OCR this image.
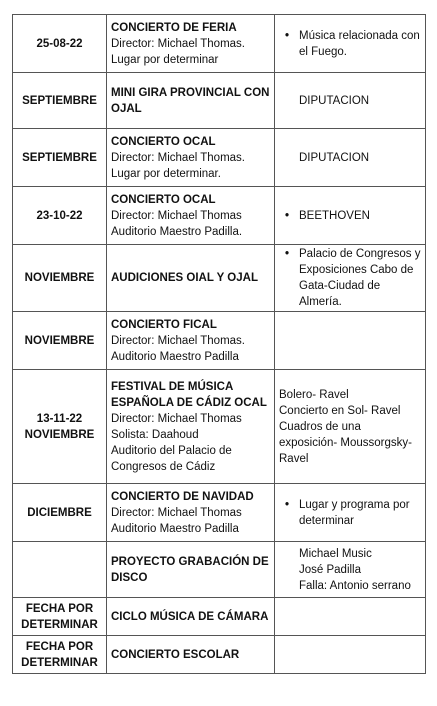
25-08-22	CONCIERTO DE FERIA
Director: Michael Thomas.
Lugar por determinar	• Música relacionada con el Fuego.

SEPTIEMBRE	MINI GIRA PROVINCIAL CON OJAL	DIPUTACION

SEPTIEMBRE	CONCIERTO OCAL
Director: Michael Thomas.
Lugar por determinar.	DIPUTACION

23-10-22	CONCIERTO OCAL
Director: Michael Thomas
Auditorio Maestro Padilla.	• BEETHOVEN

NOVIEMBRE	AUDICIONES OIAL Y OJAL	• Palacio de Congresos y Exposiciones Cabo de Gata-Ciudad de Almería.

NOVIEMBRE	CONCIERTO FICAL
Director: Michael Thomas.
Auditorio Maestro Padilla	

13-11-22
NOVIEMBRE	FESTIVAL DE MÚSICA ESPAÑOLA DE CÁDIZ OCAL
Director: Michael Thomas
Solista: Daahoud
Auditorio del Palacio de Congresos de Cádiz	Bolero- Ravel
Concierto en Sol- Ravel
Cuadros de una exposición- Moussorgsky-Ravel

DICIEMBRE	CONCIERTO DE NAVIDAD
Director: Michael Thomas
Auditorio Maestro Padilla	• Lugar y programa por determinar

	PROYECTO GRABACIÓN DE DISCO	Michael Music
José Padilla
Falla: Antonio serrano

FECHA POR
DETERMINAR	CICLO MÚSICA DE CÁMARA	

FECHA POR
DETERMINAR	CONCIERTO ESCOLAR	
